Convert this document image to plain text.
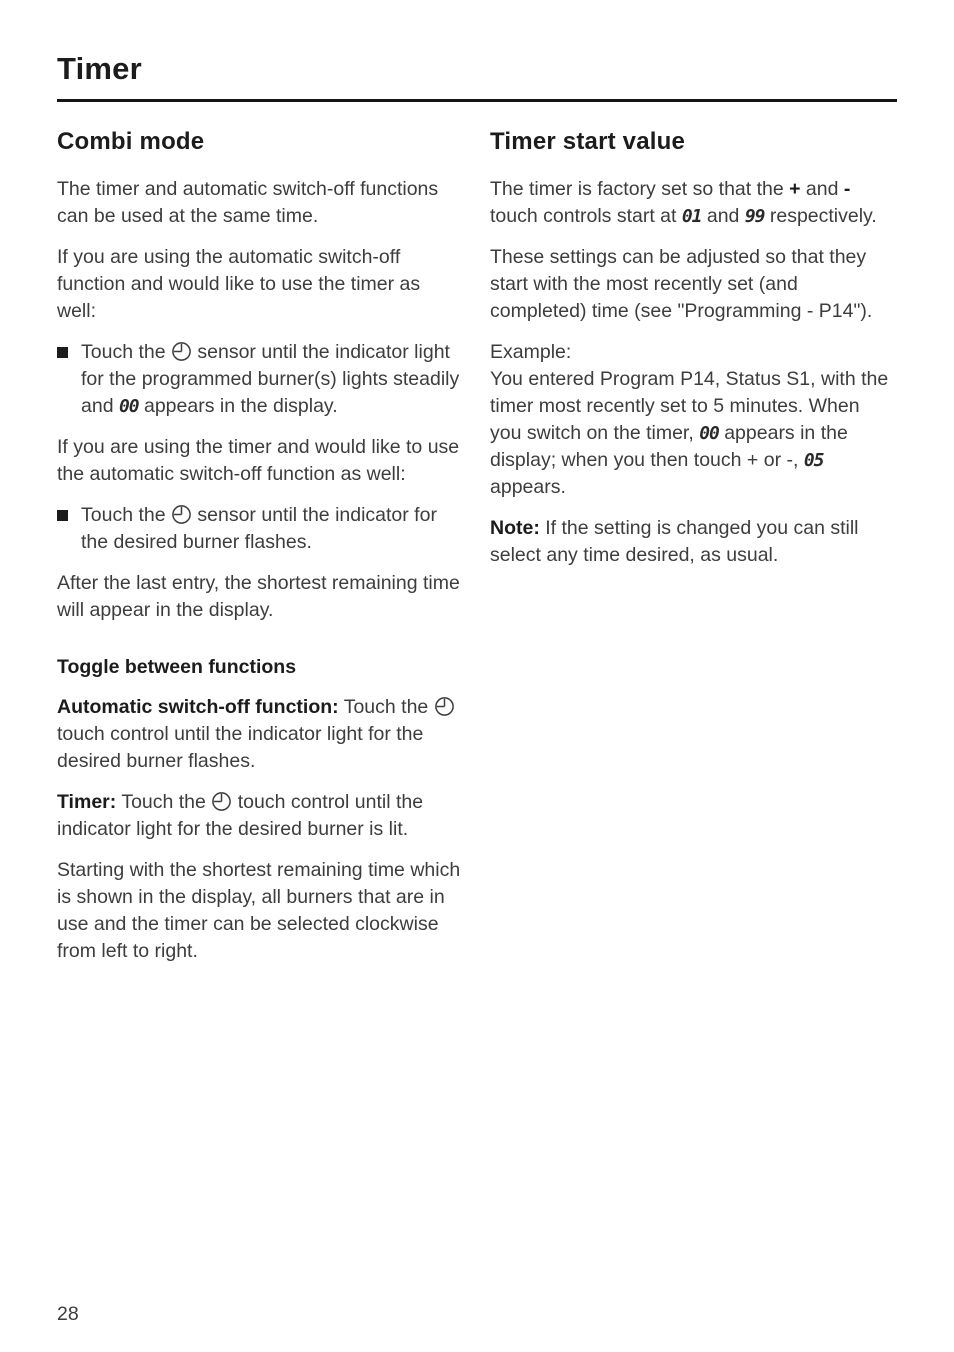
Timer
Combi mode

The timer and automatic switch-off functions can be used at the same time.

If you are using the automatic switch-off function and would like to use the timer as well:

Touch the  sensor until the indicator light for the programmed burner(s) lights steadily and 00 appears in the display.

If you are using the timer and would like to use the automatic switch-off function as well:

Touch the  sensor until the indicator for the desired burner flashes.

After the last entry, the shortest remaining time will appear in the display.

Toggle between functions

Automatic switch-off function: Touch the  touch control until the indicator light for the desired burner flashes.

Timer: Touch the  touch control until the indicator light for the desired burner is lit.

Starting with the shortest remaining time which is shown in the display, all burners that are in use and the timer can be selected clockwise from left to right.

Timer start value

The timer is factory set so that the + and - touch controls start at 01 and 99 respectively.

These settings can be adjusted so that they start with the most recently set (and completed) time (see "Programming - P14").

Example:
You entered Program P14, Status S1, with the timer most recently set to 5 minutes. When you switch on the timer, 00 appears in the display; when you then touch + or -, 05 appears.

Note: If the setting is changed you can still select any time desired, as usual.

28
